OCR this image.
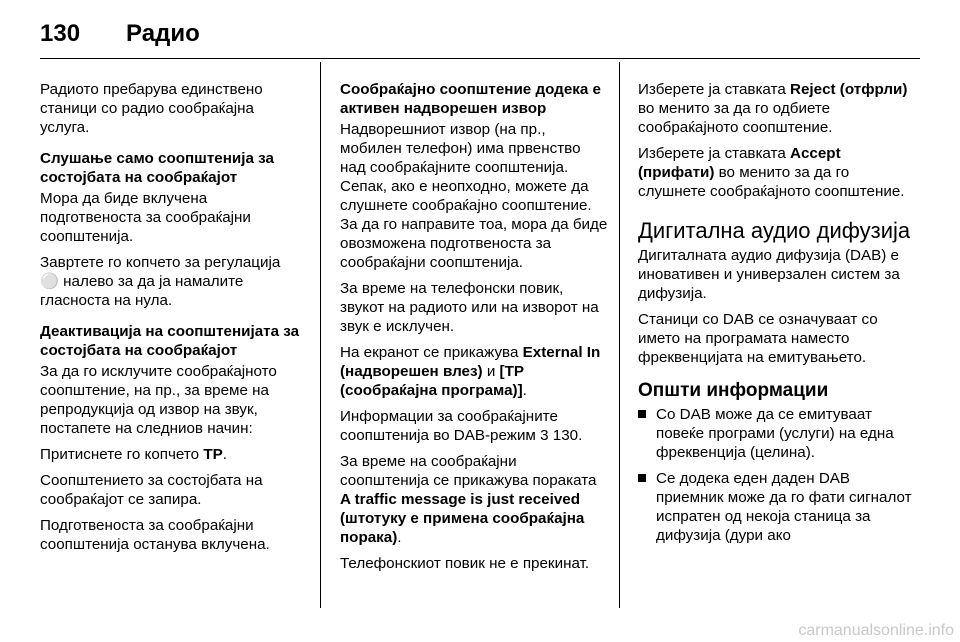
130 Радио

Радиото пребарува единствено станици со радио сообраќајна услуга.

Слушање само соопштенија за состојбата на сообраќајот

Мора да биде вклучена подготвеноста за сообраќајни соопштенија.

Завртете го копчето за регулација ⚪ налево за да ја намалите гласноста на нула.

Деактивација на соопштенијата за состојбата на сообраќајот

За да го исклучите сообраќајното соопштение, на пр., за време на репродукција од извор на звук, постапете на следниов начин:

Притиснете го копчето TP.

Соопштението за состојбата на сообраќајот се запира.

Подготвеноста за сообраќајни соопштенија останува вклучена.

Сообраќајно соопштение додека е активен надворешен извор

Надворешниот извор (на пр., мобилен телефон) има првенство над сообраќајните соопштенија. Сепак, ако е неопходно, можете да слушнете сообраќајно соопштение. За да го направите тоа, мора да биде овозможена подготвеноста за сообраќајни соопштенија.

За време на телефонски повик, звукот на радиото или на изворот на звук е исклучен.

На екранот се прикажува External In (надворешен влез) и [TP (сообраќајна програма)].

Информации за сообраќајните соопштенија во DAB-режим 3 130.

За време на сообраќајни соопштенија се прикажува пораката A traffic message is just received (штотуку е примена сообраќајна порака).

Телефонскиот повик не е прекинат.

Изберете ја ставката Reject (отфрли) во менито за да го одбиете сообраќајното соопштение.

Изберете ја ставката Accept (прифати) во менито за да го слушнете сообраќајното соопштение.

Дигитална аудио дифузија

Дигиталната аудио дифузија (DAB) е иновативен и универзален систем за дифузија.

Станици со DAB се означуваат со името на програмата наместо фреквенцијата на емитувањето.

Општи информации

Со DAB може да се емитуваат повеќе програми (услуги) на една фреквенција (целина).
Се додека еден даден DAB приемник може да го фати сигналот испратен од некоја станица за дифузија (дури ако
carmanualsonline.info
